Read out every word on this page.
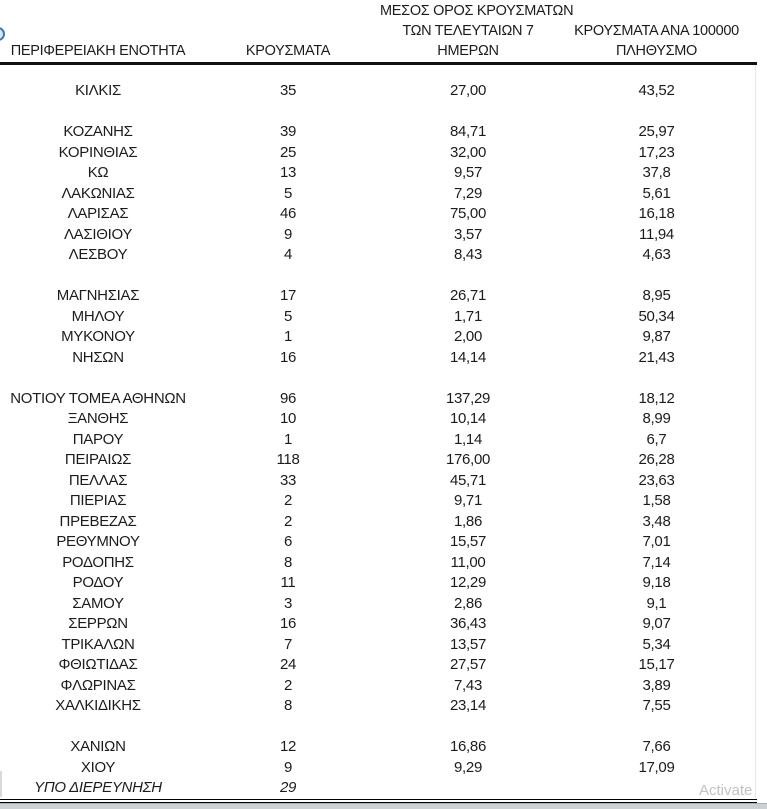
Activate
ΠΕΡΙΦΕΡΕΙΑΚΗ ΕΝΟΤΗΤΑ	ΚΡΟΥΣΜΑΤΑ
ΜΕΣΟΣ ΟΡΟΣ ΚΡΟΥΣΜΑΤΩΝ
ΤΩΝ ΤΕΛΕΥΤΑΙΩΝ 7
ΗΜΕΡΩΝ
ΚΡΟΥΣΜΑΤΑ ΑΝΑ 100000
ΠΛΗΘΥΣΜΟ
ΚΙΛΚΙΣ	35	27,00	43,52
ΚΟΖΑΝΗΣ	39	84,71	25,97
ΚΟΡΙΝΘΙΑΣ	25	32,00	17,23
ΚΩ	13	9,57	37,8
ΛΑΚΩΝΙΑΣ	5	7,29	5,61
ΛΑΡΙΣΑΣ	46	75,00	16,18
ΛΑΣΙΘΙΟΥ	9	3,57	11,94
ΛΕΣΒΟΥ	4	8,43	4,63
ΜΑΓΝΗΣΙΑΣ	17	26,71	8,95
ΜΗΛΟΥ	5	1,71	50,34
ΜΥΚΟΝΟΥ	1	2,00	9,87
ΝΗΣΩΝ	16	14,14	21,43
ΝΟΤΙΟΥ ΤΟΜΕΑ ΑΘΗΝΩΝ	96	137,29	18,12
ΞΑΝΘΗΣ	10	10,14	8,99
ΠΑΡΟΥ	1	1,14	6,7
ΠΕΙΡΑΙΩΣ	118	176,00	26,28
ΠΕΛΛΑΣ	33	45,71	23,63
ΠΙΕΡΙΑΣ	2	9,71	1,58
ΠΡΕΒΕΖΑΣ	2	1,86	3,48
ΡΕΘΥΜΝΟΥ	6	15,57	7,01
ΡΟΔΟΠΗΣ	8	11,00	7,14
ΡΟΔΟΥ	11	12,29	9,18
ΣΑΜΟΥ	3	2,86	9,1
ΣΕΡΡΩΝ	16	36,43	9,07
ΤΡΙΚΑΛΩΝ	7	13,57	5,34
ΦΘΙΩΤΙΔΑΣ	24	27,57	15,17
ΦΛΩΡΙΝΑΣ	2	7,43	3,89
ΧΑΛΚΙΔΙΚΗΣ	8	23,14	7,55
ΧΑΝΙΩΝ	12	16,86	7,66
ΧΙΟΥ	9	9,29	17,09
ΥΠΟ ΔΙΕΡΕΥΝΗΣΗ	29
